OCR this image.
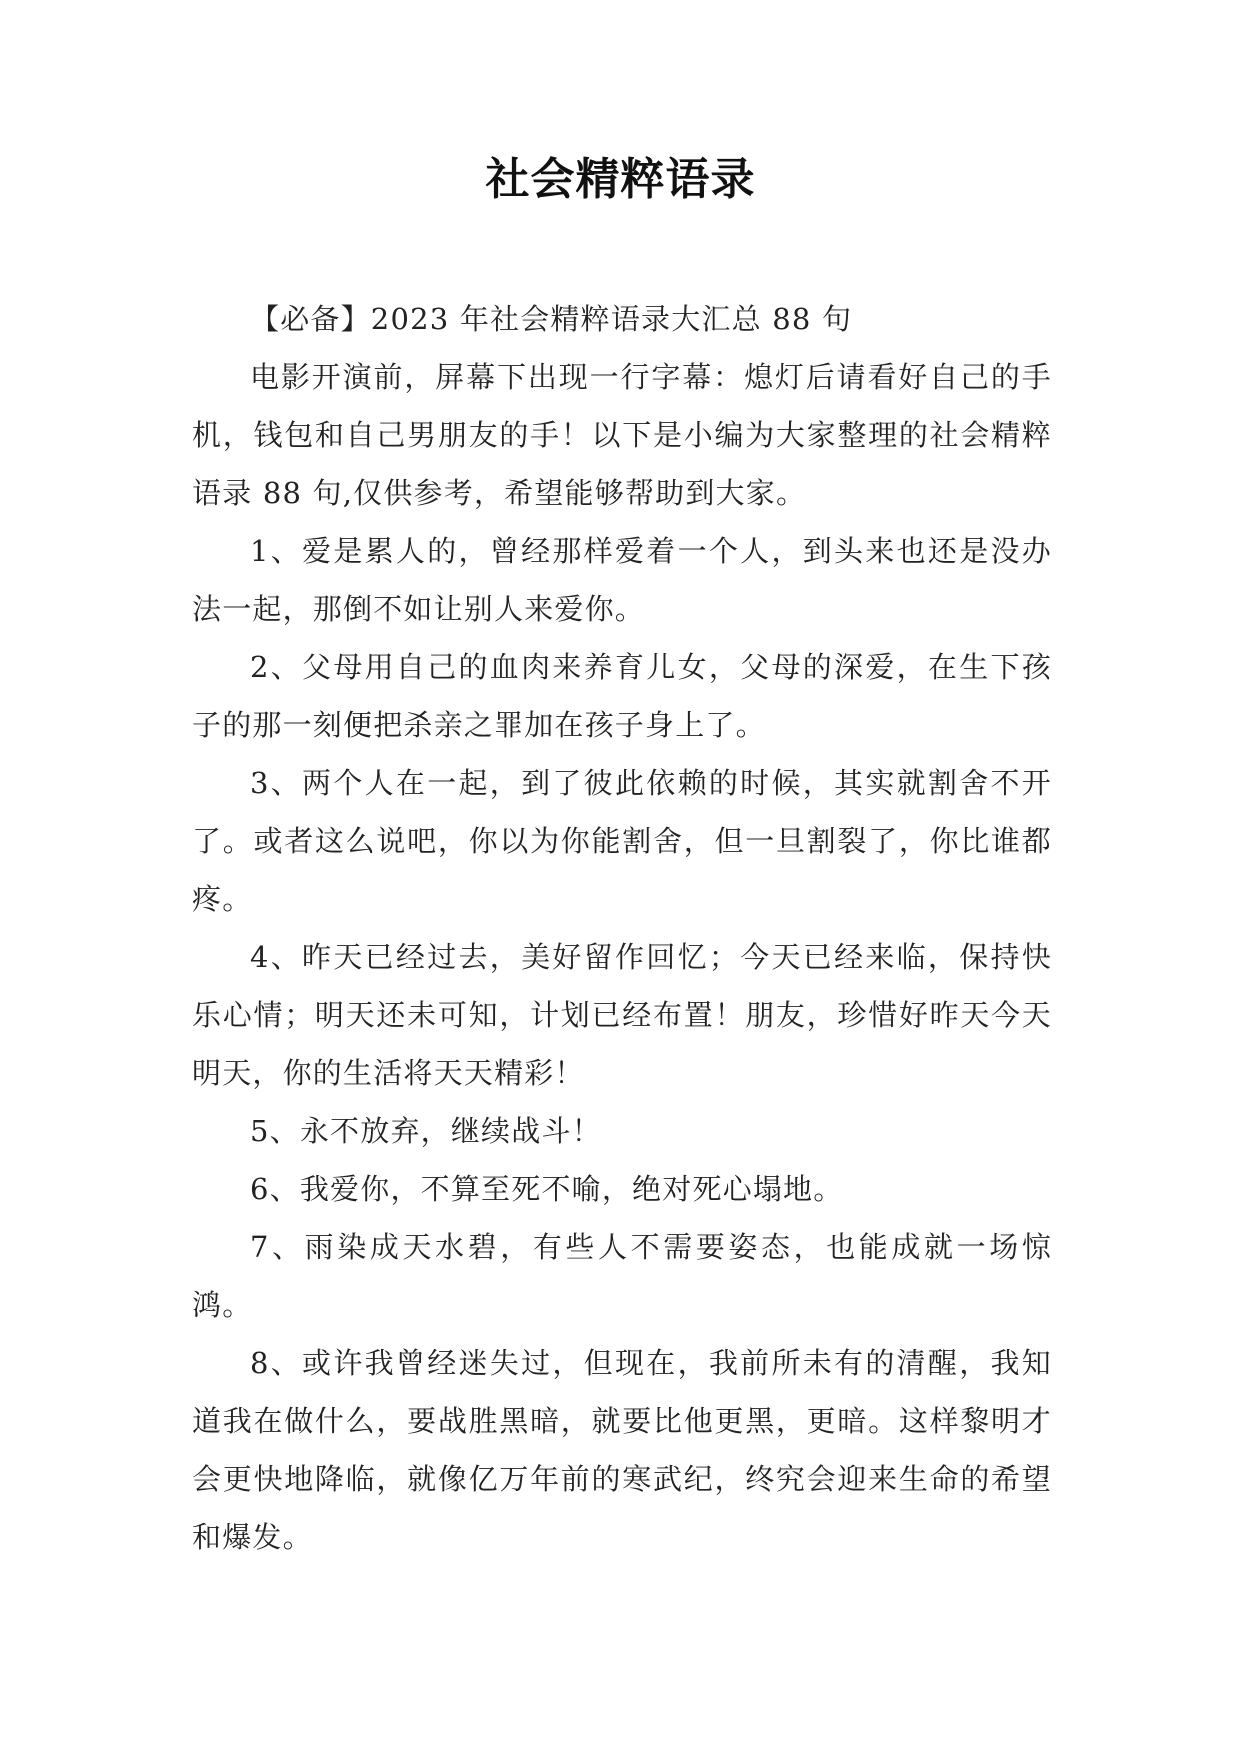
社会精粹语录

【必备】2023 年社会精粹语录大汇总 88 句

电影开演前，屏幕下出现一行字幕：熄灯后请看好自己的手机，钱包和自己男朋友的手！以下是小编为大家整理的社会精粹语录 88 句,仅供参考，希望能够帮助到大家。

1、爱是累人的，曾经那样爱着一个人，到头来也还是没办法一起，那倒不如让别人来爱你。

2、父母用自己的血肉来养育儿女，父母的深爱，在生下孩子的那一刻便把杀亲之罪加在孩子身上了。

3、两个人在一起，到了彼此依赖的时候，其实就割舍不开了。或者这么说吧，你以为你能割舍，但一旦割裂了，你比谁都疼。

4、昨天已经过去，美好留作回忆；今天已经来临，保持快乐心情；明天还未可知，计划已经布置！朋友，珍惜好昨天今天明天，你的生活将天天精彩！

5、永不放弃，继续战斗！

6、我爱你，不算至死不喻，绝对死心塌地。

7、雨染成天水碧，有些人不需要姿态，也能成就一场惊鸿。

8、或许我曾经迷失过，但现在，我前所未有的清醒，我知道我在做什么，要战胜黑暗，就要比他更黑，更暗。这样黎明才会更快地降临，就像亿万年前的寒武纪，终究会迎来生命的希望和爆发。
